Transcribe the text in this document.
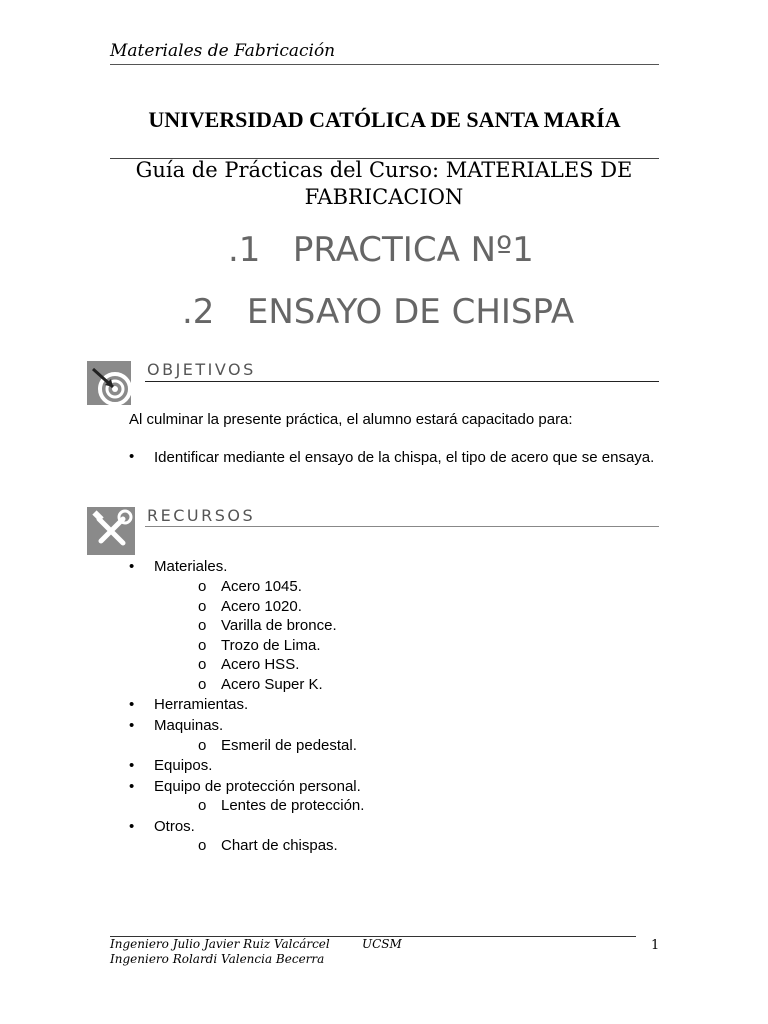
Materiales de Fabricación
UNIVERSIDAD CATÓLICA DE SANTA MARÍA
Guía de Prácticas del Curso: MATERIALES DE FABRICACION
.1 PRACTICA Nº1
.2 ENSAYO DE CHISPA
OBJETIVOS
Al culminar la presente práctica, el alumno estará capacitado para:
• Identificar mediante el ensayo de la chispa, el tipo de acero que se ensaya.
RECURSOS
• Materiales.
o Acero 1045.
o Acero 1020.
o Varilla de bronce.
o Trozo de Lima.
o Acero HSS.
o Acero Super K.
• Herramientas.
• Maquinas.
o Esmeril de pedestal.
• Equipos.
• Equipo de protección personal.
o Lentes de protección.
• Otros.
o Chart de chispas.
Ingeniero Julio Javier Ruiz Valcárcel	UCSM
Ingeniero Rolardi Valencia Becerra
1
